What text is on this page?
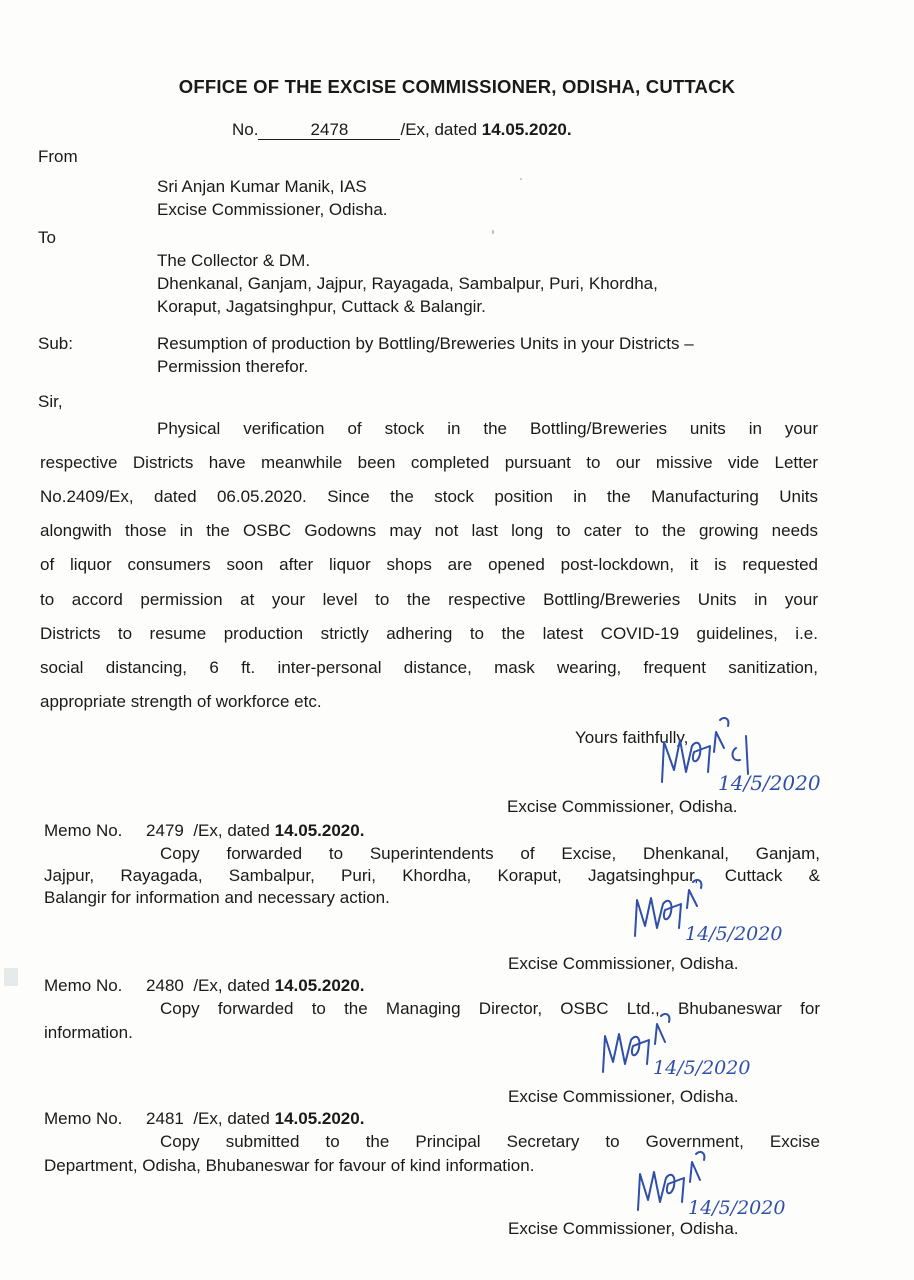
OFFICE OF THE EXCISE COMMISSIONER, ODISHA, CUTTACK
No.	2478	/Ex, dated 14.05.2020.
From
Sri Anjan Kumar Manik, IAS
Excise Commissioner, Odisha.
To
The Collector & DM.
Dhenkanal, Ganjam, Jajpur, Rayagada, Sambalpur, Puri, Khordha,
Koraput, Jagatsinghpur, Cuttack & Balangir.
Sub:	Resumption of production by Bottling/Breweries Units in your Districts –
Permission therefor.
Sir,
Physical verification of stock in the Bottling/Breweries units in your
respective Districts have meanwhile been completed pursuant to our missive vide Letter
No.2409/Ex, dated 06.05.2020. Since the stock position in the Manufacturing Units
alongwith those in the OSBC Godowns may not last long to cater to the growing needs
of liquor consumers soon after liquor shops are opened post-lockdown, it is requested
to accord permission at your level to the respective Bottling/Breweries Units in your
Districts to resume production strictly adhering to the latest COVID-19 guidelines, i.e.
social distancing, 6 ft. inter-personal distance, mask wearing, frequent sanitization,
appropriate strength of workforce etc.
Yours faithfully,
Excise Commissioner, Odisha.
14/5/2020
Memo No. 2479 /Ex, dated 14.05.2020.
Copy forwarded to Superintendents of Excise, Dhenkanal, Ganjam,
Jajpur, Rayagada, Sambalpur, Puri, Khordha, Koraput, Jagatsinghpur, Cuttack &
Balangir for information and necessary action.
Excise Commissioner, Odisha.
14/5/2020
Memo No. 2480 /Ex, dated 14.05.2020.
Copy forwarded to the Managing Director, OSBC Ltd., Bhubaneswar for
information.
Excise Commissioner, Odisha.
14/5/2020
Memo No. 2481 /Ex, dated 14.05.2020.
Copy submitted to the Principal Secretary to Government, Excise
Department, Odisha, Bhubaneswar for favour of kind information.
Excise Commissioner, Odisha.
14/5/2020
